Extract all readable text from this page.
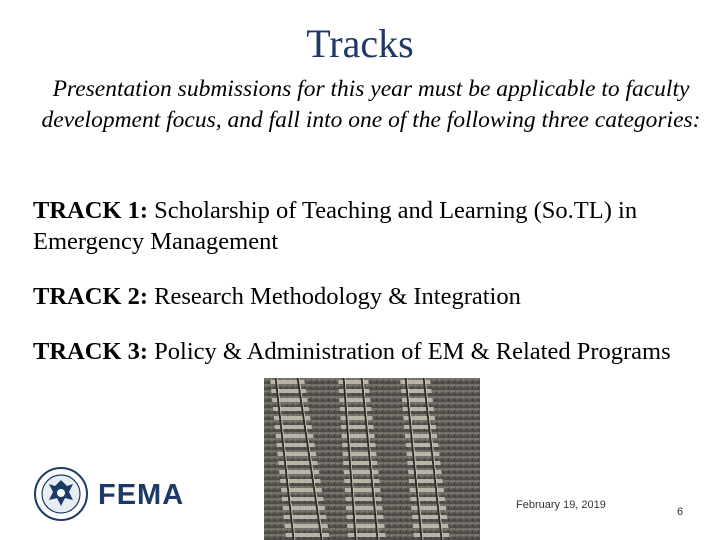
Tracks
Presentation submissions for this year must be applicable to faculty development focus, and fall into one of the following three categories:
TRACK 1: Scholarship of Teaching and Learning (So.TL) in Emergency Management
TRACK 2: Research Methodology & Integration
TRACK 3: Policy & Administration of EM & Related Programs
FEMA	February 19, 2019
6
